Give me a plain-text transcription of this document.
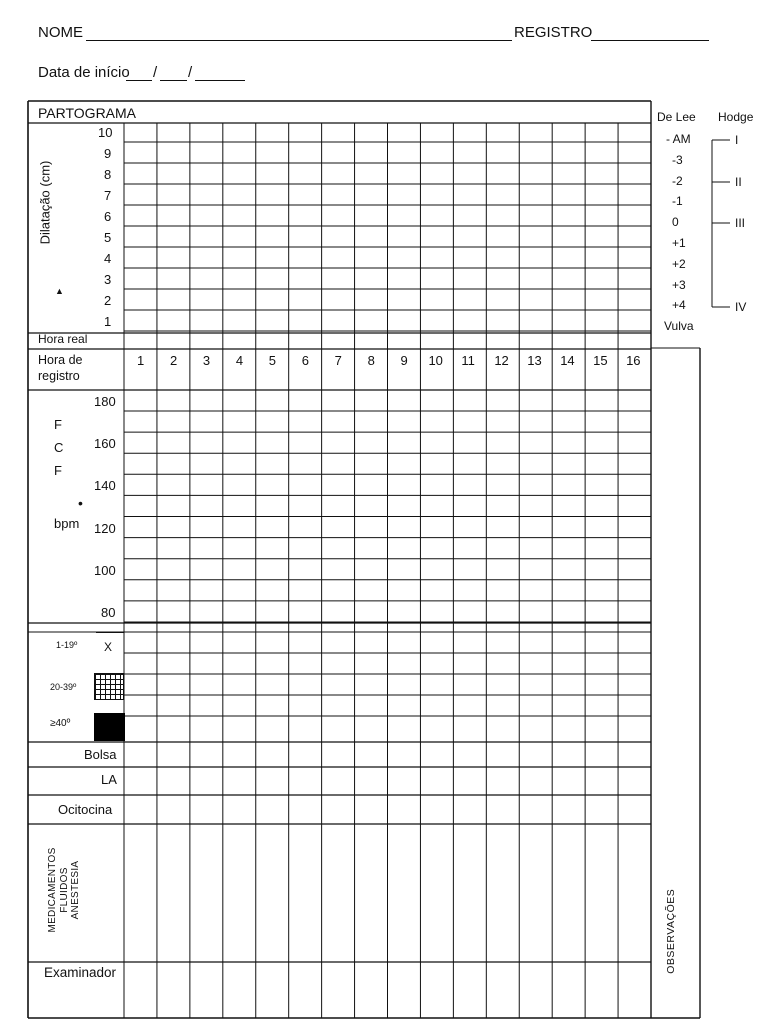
NOME	REGISTRO
Data de início / /
PARTOGRAMA
Dilatação (cm)
▲
10
9
8
7
6
5
4
3
2
1
Hora real
Hora de registro
1 2 3 4 5 6 7 8 9 10 11 12 13 14 15 16
F
C
F
•
bpm
180
160
140
120
100
80
1-19º X
20-39º
≥40º
Bolsa
LA
Ocitocina
MEDICAMENTOS FLUIDOS ANESTESIA
Examinador	OBSERVAÇÕES
De Lee Hodge
- AM
-3
-2
-1
0
+1
+2
+3
+4
Vulva
I
II
III
IV
